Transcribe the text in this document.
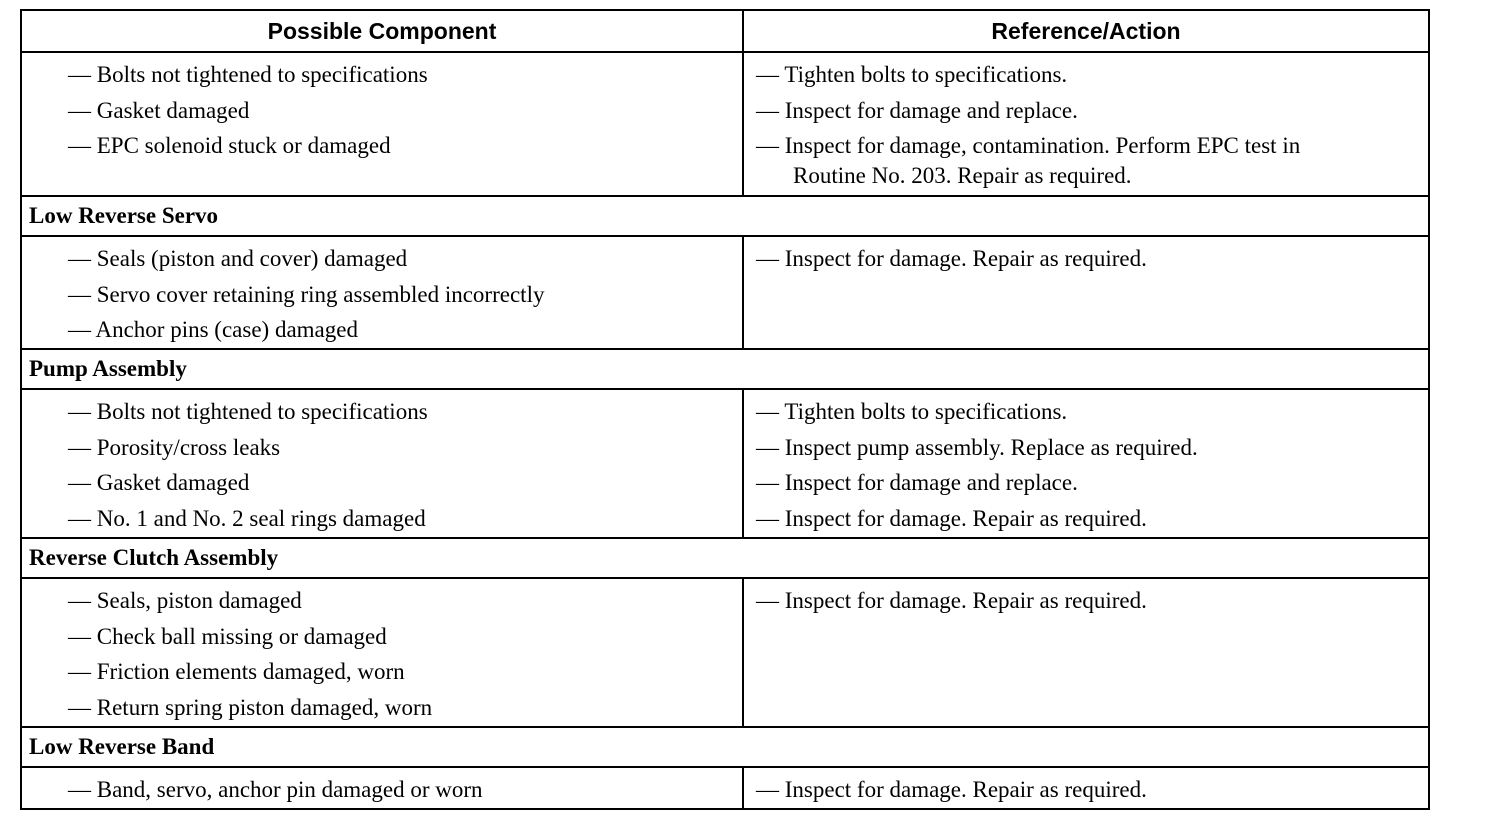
Possible Component	Reference/Action
— Bolts not tightened to specifications
— Gasket damaged
— EPC solenoid stuck or damaged
— Tighten bolts to specifications.
— Inspect for damage and replace.
— Inspect for damage, contamination. Perform EPC test in
Routine No. 203. Repair as required.
Low Reverse Servo
— Seals (piston and cover) damaged
— Servo cover retaining ring assembled incorrectly
— Anchor pins (case) damaged
— Inspect for damage. Repair as required.
Pump Assembly
— Bolts not tightened to specifications
— Porosity/cross leaks
— Gasket damaged
— No. 1 and No. 2 seal rings damaged
— Tighten bolts to specifications.
— Inspect pump assembly. Replace as required.
— Inspect for damage and replace.
— Inspect for damage. Repair as required.
Reverse Clutch Assembly
— Seals, piston damaged
— Check ball missing or damaged
— Friction elements damaged, worn
— Return spring piston damaged, worn
— Inspect for damage. Repair as required.
Low Reverse Band
— Band, servo, anchor pin damaged or worn	— Inspect for damage. Repair as required.
